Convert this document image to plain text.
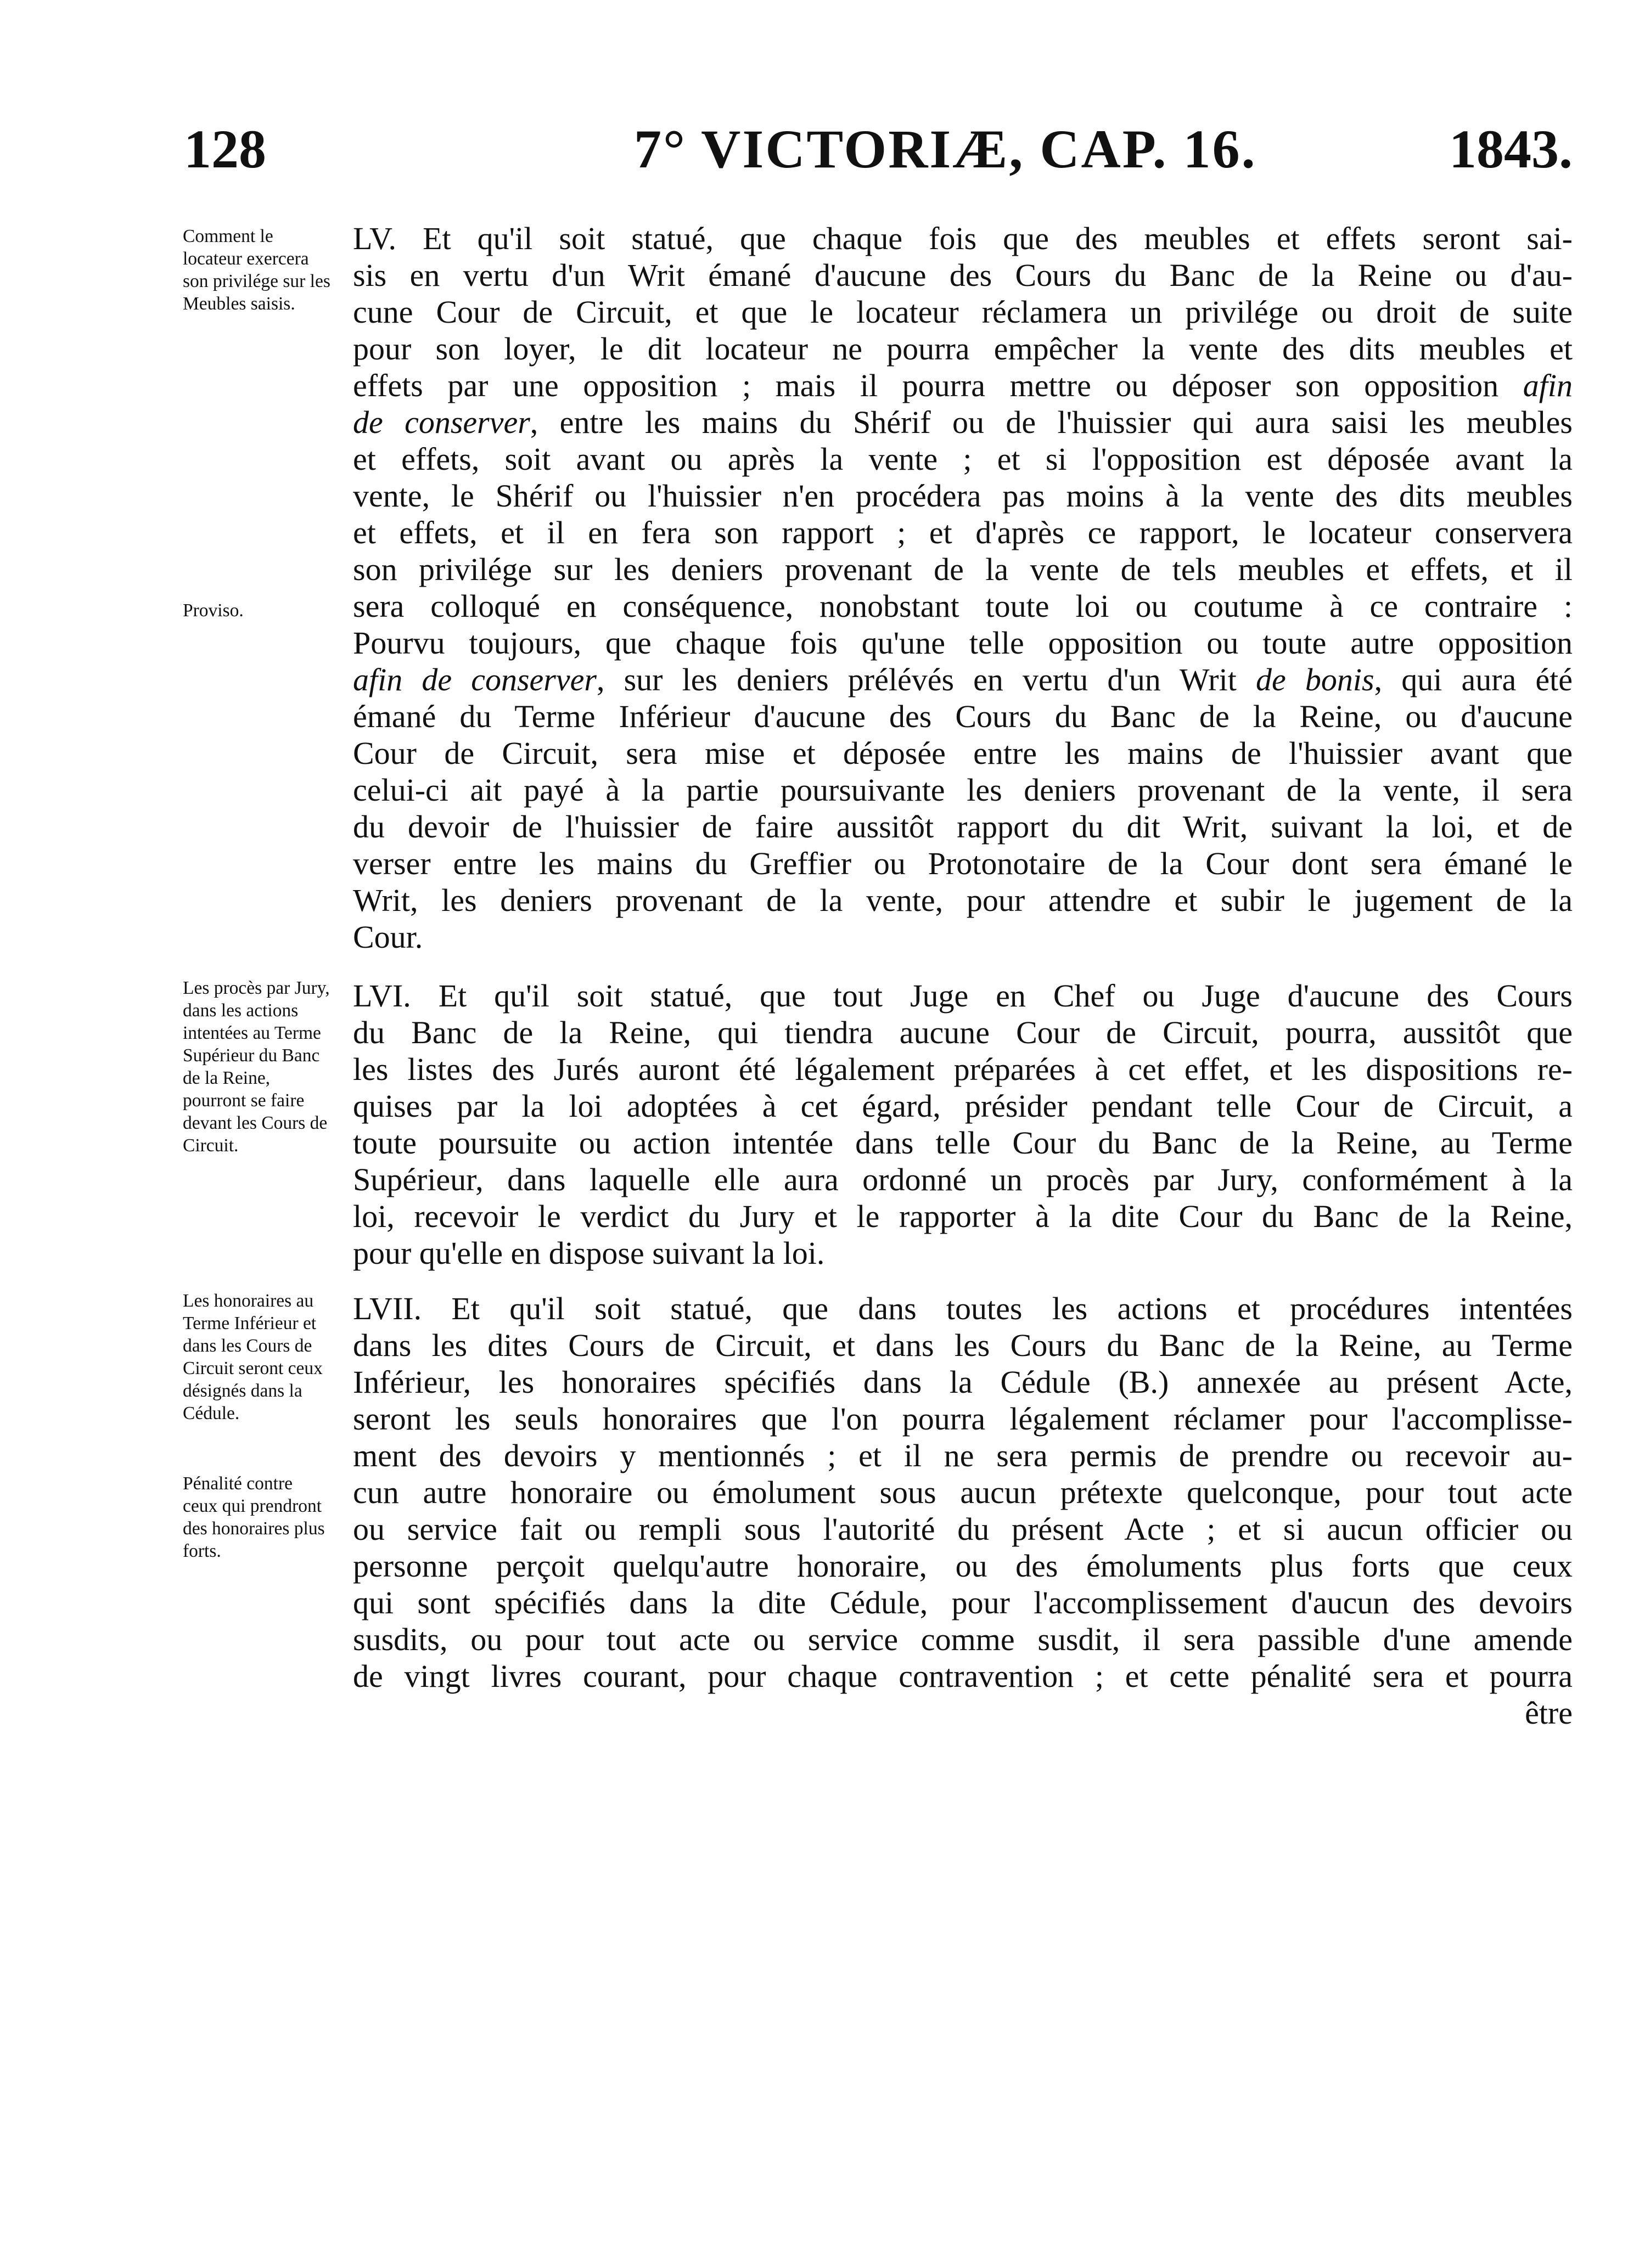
128	7° VICTORIÆ, CAP. 16.	1843.
Comment le locateur exercera son privilége sur les Meubles saisis.
Proviso.
Les procès par Jury, dans les actions intentées au Terme Supérieur du Banc de la Reine, pourront se faire devant les Cours de Circuit.
Les honoraires au Terme Inférieur et dans les Cours de Circuit seront ceux désignés dans la Cédule.
Pénalité contre ceux qui prendront des honoraires plus forts.
LV. Et qu'il soit statué, que chaque fois que des meubles et effets seront sai-
sis en vertu d'un Writ émané d'aucune des Cours du Banc de la Reine ou d'au-
cune Cour de Circuit, et que le locateur réclamera un privilége ou droit de suite
pour son loyer, le dit locateur ne pourra empêcher la vente des dits meubles et
effets par une opposition ; mais il pourra mettre ou déposer son opposition afin
de conserver, entre les mains du Shérif ou de l'huissier qui aura saisi les meubles
et effets, soit avant ou après la vente ; et si l'opposition est déposée avant la
vente, le Shérif ou l'huissier n'en procédera pas moins à la vente des dits meubles
et effets, et il en fera son rapport ; et d'après ce rapport, le locateur conservera
son privilége sur les deniers provenant de la vente de tels meubles et effets, et il
sera colloqué en conséquence, nonobstant toute loi ou coutume à ce contraire :
Pourvu toujours, que chaque fois qu'une telle opposition ou toute autre opposition
afin de conserver, sur les deniers prélévés en vertu d'un Writ de bonis, qui aura été
émané du Terme Inférieur d'aucune des Cours du Banc de la Reine, ou d'aucune
Cour de Circuit, sera mise et déposée entre les mains de l'huissier avant que
celui-ci ait payé à la partie poursuivante les deniers provenant de la vente, il sera
du devoir de l'huissier de faire aussitôt rapport du dit Writ, suivant la loi, et de
verser entre les mains du Greffier ou Protonotaire de la Cour dont sera émané le
Writ, les deniers provenant de la vente, pour attendre et subir le jugement de la
Cour.
LVI. Et qu'il soit statué, que tout Juge en Chef ou Juge d'aucune des Cours
du Banc de la Reine, qui tiendra aucune Cour de Circuit, pourra, aussitôt que
les listes des Jurés auront été légalement préparées à cet effet, et les dispositions re-
quises par la loi adoptées à cet égard, présider pendant telle Cour de Circuit, a
toute poursuite ou action intentée dans telle Cour du Banc de la Reine, au Terme
Supérieur, dans laquelle elle aura ordonné un procès par Jury, conformément à la
loi, recevoir le verdict du Jury et le rapporter à la dite Cour du Banc de la Reine,
pour qu'elle en dispose suivant la loi.
LVII. Et qu'il soit statué, que dans toutes les actions et procédures intentées
dans les dites Cours de Circuit, et dans les Cours du Banc de la Reine, au Terme
Inférieur, les honoraires spécifiés dans la Cédule (B.) annexée au présent Acte,
seront les seuls honoraires que l'on pourra légalement réclamer pour l'accomplisse-
ment des devoirs y mentionnés ; et il ne sera permis de prendre ou recevoir au-
cun autre honoraire ou émolument sous aucun prétexte quelconque, pour tout acte
ou service fait ou rempli sous l'autorité du présent Acte ; et si aucun officier ou
personne perçoit quelqu'autre honoraire, ou des émoluments plus forts que ceux
qui sont spécifiés dans la dite Cédule, pour l'accomplissement d'aucun des devoirs
susdits, ou pour tout acte ou service comme susdit, il sera passible d'une amende
de vingt livres courant, pour chaque contravention ; et cette pénalité sera et pourra
être
